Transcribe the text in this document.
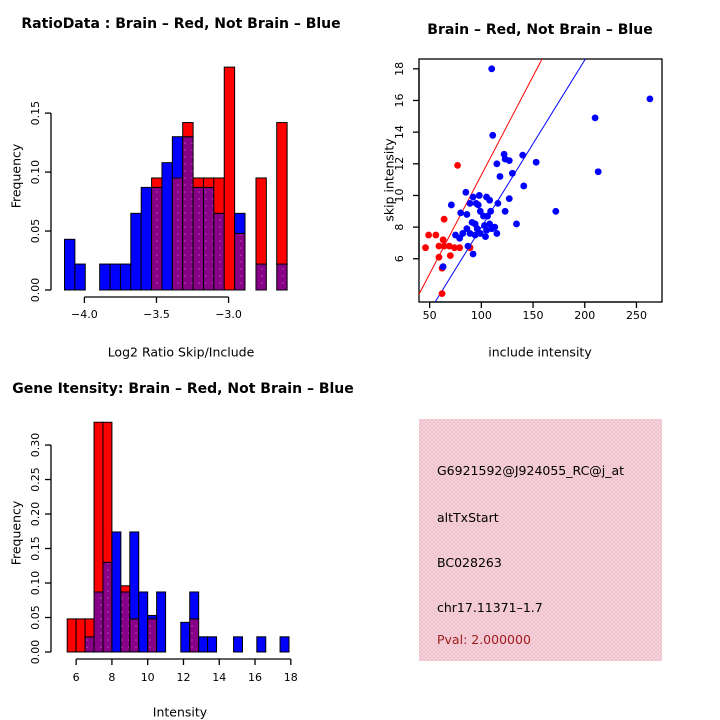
−4.0	−3.5	−3.0
0.00
0.05
0.10
0.15
50	100	150	200	250
6
8
10
12
14
16
18
6	8 10 12 14 16 18
0.00
0.05
0.10
0.15
0.20
0.25
0.30
RatioData : Brain – Red, Not Brain – Blue	Brain – Red, Not Brain – Blue
Gene Itensity: Brain – Red, Not Brain – Blue
Log2 Ratio Skip/Include
Frequency
include intensity
skip intensity
Intensity
Frequency
G6921592@J924055_RC@j_at
altTxStart
BC028263
chr17.11371–1.7
Pval: 2.000000
